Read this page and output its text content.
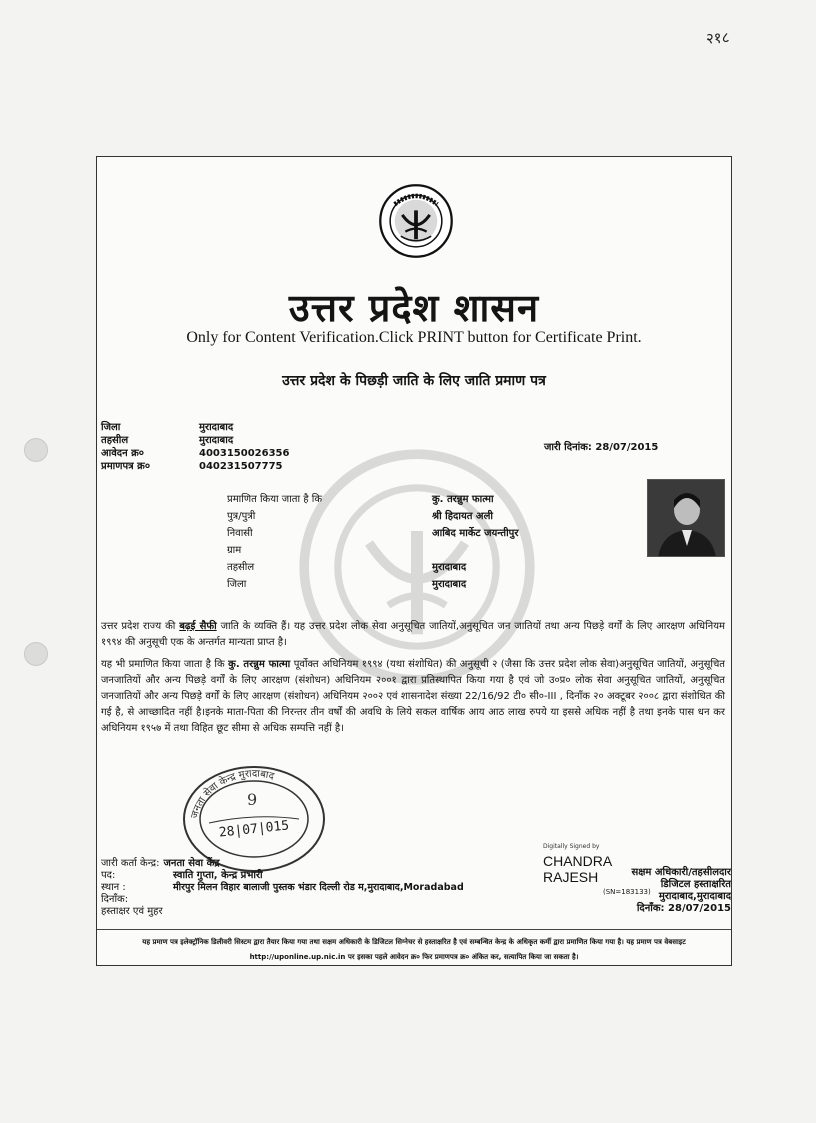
२१८
उत्तर प्रदेश शासन
Only for Content Verification.Click PRINT button for Certificate Print.
उत्तर प्रदेश के पिछड़ी जाति के लिए जाति प्रमाण पत्र
जिला	मुरादाबाद
तहसील	मुरादाबाद
आवेदन क्र०	4003150026356
प्रमाणपत्र क्र०	040231507775
जारी दिनांक: 28/07/2015
प्रमाणित किया जाता है कि	कु. तरन्नुम फात्मा
पुत्र/पुत्री	श्री हिदायत अली
निवासी	आबिद मार्केट जयन्तीपुर
ग्राम
तहसील	मुरादाबाद
जिला	मुरादाबाद
उत्तर प्रदेश राज्य की बढ़ई सैफी जाति के व्यक्ति हैं। यह उत्तर प्रदेश लोक सेवा अनुसूचित जातियों,अनुसूचित जन जातियों तथा अन्य पिछड़े वर्गों के लिए आरक्षण अधिनियम १९९४ की अनुसूची एक के अन्तर्गत मान्यता प्राप्त है।
यह भी प्रमाणित किया जाता है कि कु. तरन्नुम फात्मा पूर्वोक्त अधिनियम १९९४ (यथा संशोधित) की अनुसूची २ (जैसा कि उत्तर प्रदेश लोक सेवा)अनुसूचित जातियों, अनुसूचित जनजातियों और अन्य पिछड़े वर्गों के लिए आरक्षण (संशोधन) अधिनियम २००१ द्वारा प्रतिस्थापित किया गया है एवं जो उ०प्र० लोक सेवा अनुसूचित जातियों, अनुसूचित जनजातियों और अन्य पिछड़े वर्गों के लिए आरक्षण (संशोधन) अधिनियम २००२ एवं शासनादेश संख्या 22/16/92 टी० सी०-III , दिनाँक २० अक्टूबर २००८ द्वारा संशोधित की गई है, से आच्छादित नहीं है।इनके माता-पिता की निरन्तर तीन वर्षों की अवधि के लिये सकल वार्षिक आय आठ लाख रुपये या इससे अधिक नहीं है तथा इनके पास धन कर अधिनियम १९५७ में तथा विहित छूट सीमा से अधिक सम्पत्ति नहीं है।
जनता सेवा केन्द्र मुरादाबाद
9
28|07|015
Digitally Signed by
CHANDRA
RAJESH
(SN=183133)
जारी कर्ता केन्द्र: जनता सेवा केंद्र
पद:	स्वाति गुप्ता, केन्द्र प्रभारी
स्थान :	मीरपुर मिलन विहार बालाजी पुस्तक भंडार दिल्ली रोड म,मुरादाबाद,Moradabad
दिनाँक:
हस्ताक्षर एवं मुहर
सक्षम अधिकारी/तहसीलदार
डिजिटल हस्ताक्षरित
मुरादाबाद,मुरादाबाद
दिनाँक: 28/07/2015
यह प्रमाण पत्र इलेक्ट्रॉनिक डिलीवरी सिस्टम द्वारा तैयार किया गया तथा सक्षम अधिकारी के डिजिटल सिग्नेचर से हस्ताक्षरित है एवं सम्बन्धित केन्द्र के अधिकृत कर्मी द्वारा प्रमाणित किया गया है। यह प्रमाण पत्र वेबसाइट http://uponline.up.nic.in पर इसका पहले आवेदन क्र० फिर प्रमाणपत्र क्र० अंकित कर, सत्यापित किया जा सकता है।
